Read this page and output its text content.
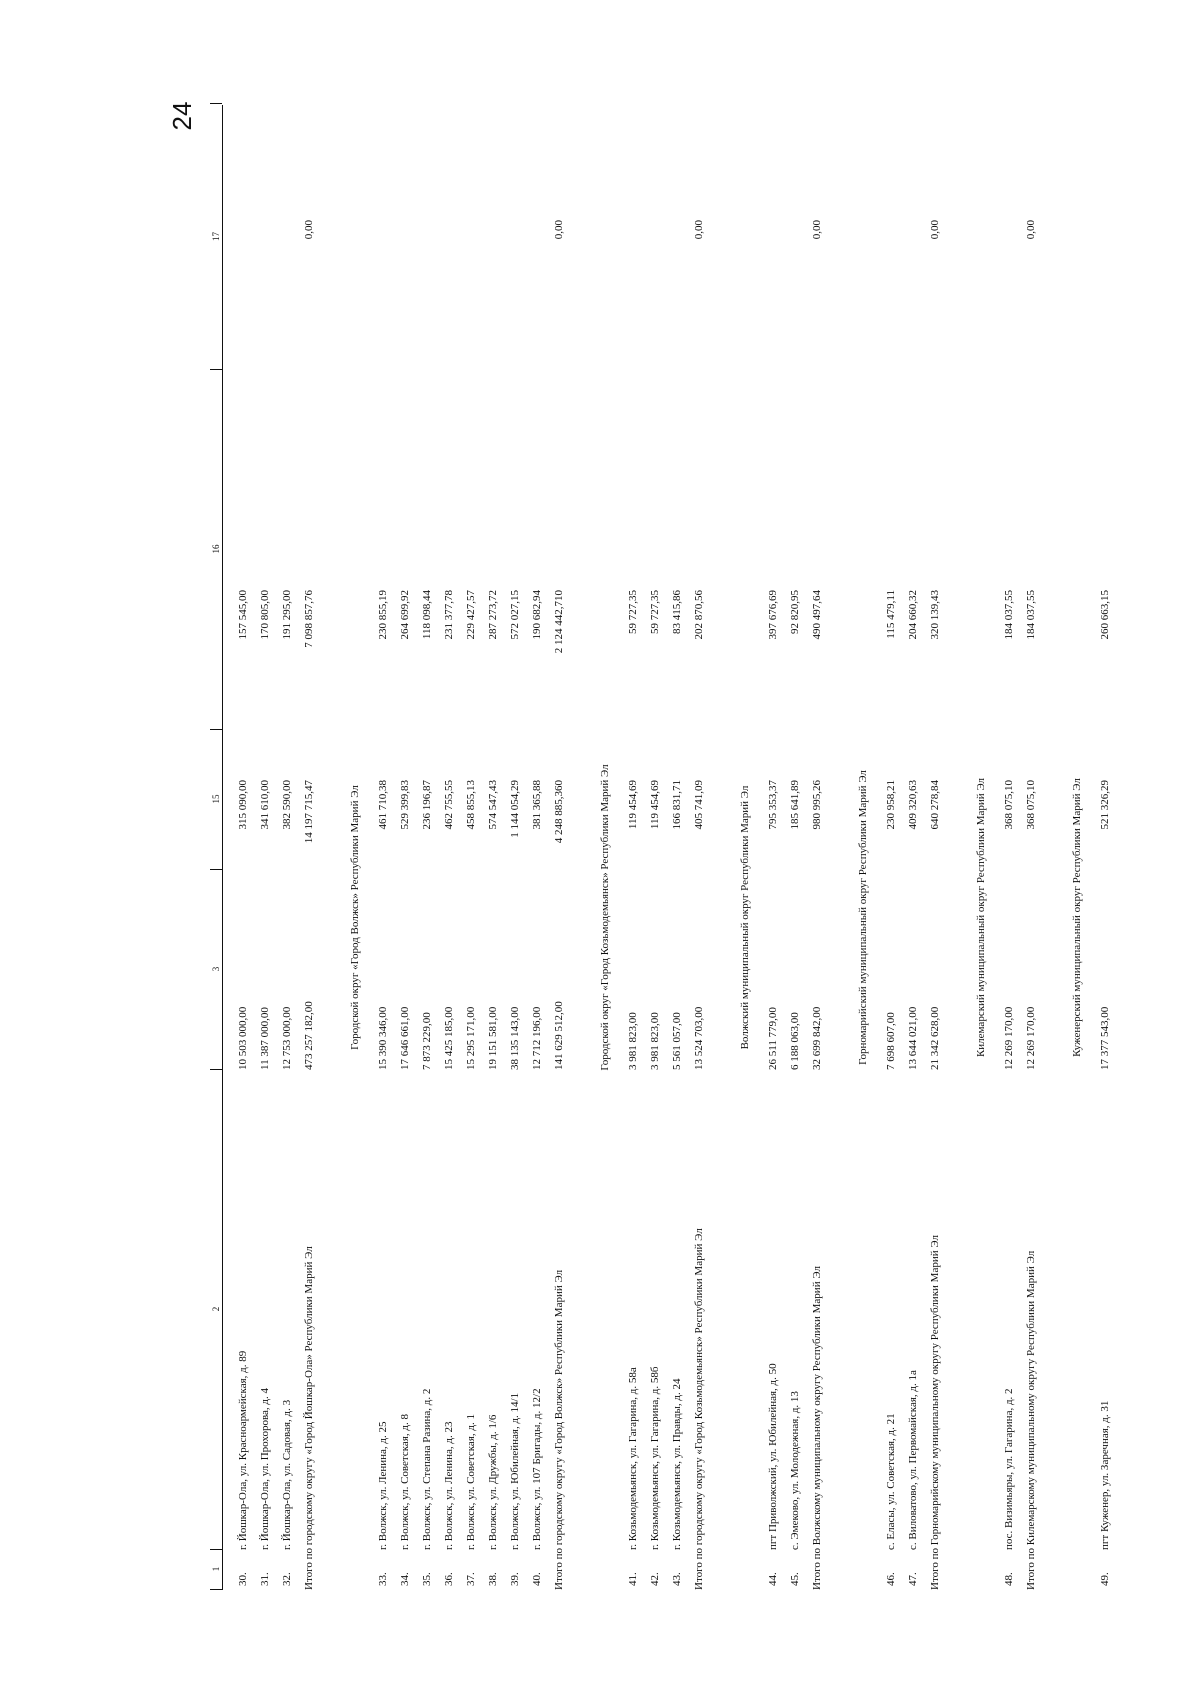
24
1
2
3
15
16
17
30.
г. Йошкар-Ола, ул. Красноармейская, д. 89
10 503 000,00
315 090,00
157 545,00
31.
г. Йошкар-Ола, ул. Прохорова, д. 4
11 387 000,00
341 610,00
170 805,00
32.
г. Йошкар-Ола, ул. Садовая, д. 3
12 753 000,00
382 590,00
191 295,00
Итого по городскому округу «Город Йошкар-Ола» Республики Марий Эл
473 257 182,00
14 197 715,47
7 098 857,76
0,00
Городской округ «Город Волжск» Республики Марий Эл
33.
г. Волжск, ул. Ленина, д. 25
15 390 346,00
461 710,38
230 855,19
34.
г. Волжск, ул. Советская, д. 8
17 646 661,00
529 399,83
264 699,92
35.
г. Волжск, ул. Степана Разина, д. 2
7 873 229,00
236 196,87
118 098,44
36.
г. Волжск, ул. Ленина, д. 23
15 425 185,00
462 755,55
231 377,78
37.
г. Волжск, ул. Советская, д. 1
15 295 171,00
458 855,13
229 427,57
38.
г. Волжск, ул. Дружбы, д. 1/6
19 151 581,00
574 547,43
287 273,72
39.
г. Волжск, ул. Юбилейная, д. 14/1
38 135 143,00
1 144 054,29
572 027,15
40.
г. Волжск, ул. 107 Бригады, д. 12/2
12 712 196,00
381 365,88
190 682,94
Итого по городскому округу «Город Волжск» Республики Марий Эл
141 629 512,00
4 248 885,360
2 124 442,710
0,00
Городской округ «Город Козьмодемьянск» Республики Марий Эл
41.
г. Козьмодемьянск, ул. Гагарина, д. 58а
3 981 823,00
119 454,69
59 727,35
42.
г. Козьмодемьянск, ул. Гагарина, д. 58б
3 981 823,00
119 454,69
59 727,35
43.
г. Козьмодемьянск, ул. Правды, д. 24
5 561 057,00
166 831,71
83 415,86
Итого по городскому округу «Город Козьмодемьянск» Республики Марий Эл
13 524 703,00
405 741,09
202 870,56
0,00
Волжский муниципальный округ Республики Марий Эл
44.
пгт Приволжский, ул. Юбилейная, д. 50
26 511 779,00
795 353,37
397 676,69
45.
с. Эмеково, ул. Молодежная, д. 13
6 188 063,00
185 641,89
92 820,95
Итого по Волжскому муниципальному округу Республики Марий Эл
32 699 842,00
980 995,26
490 497,64
0,00
Горномарийский муниципальный округ Республики Марий Эл
46.
с. Еласы, ул. Советская, д. 21
7 698 607,00
230 958,21
115 479,11
47.
с. Виловатово, ул. Первомайская, д. 1а
13 644 021,00
409 320,63
204 660,32
Итого по Горномарийскому муниципальному округу Республики Марий Эл
21 342 628,00
640 278,84
320 139,43
0,00
Килемарский муниципальный округ Республики Марий Эл
48.
пос. Визимьяры, ул. Гагарина, д. 2
12 269 170,00
368 075,10
184 037,55
Итого по Килемарскому муниципальному округу Республики Марий Эл
12 269 170,00
368 075,10
184 037,55
0,00
Куженерский муниципальный округ Республики Марий Эл
49.
пгт Куженер, ул. Заречная, д. 31
17 377 543,00
521 326,29
260 663,15
